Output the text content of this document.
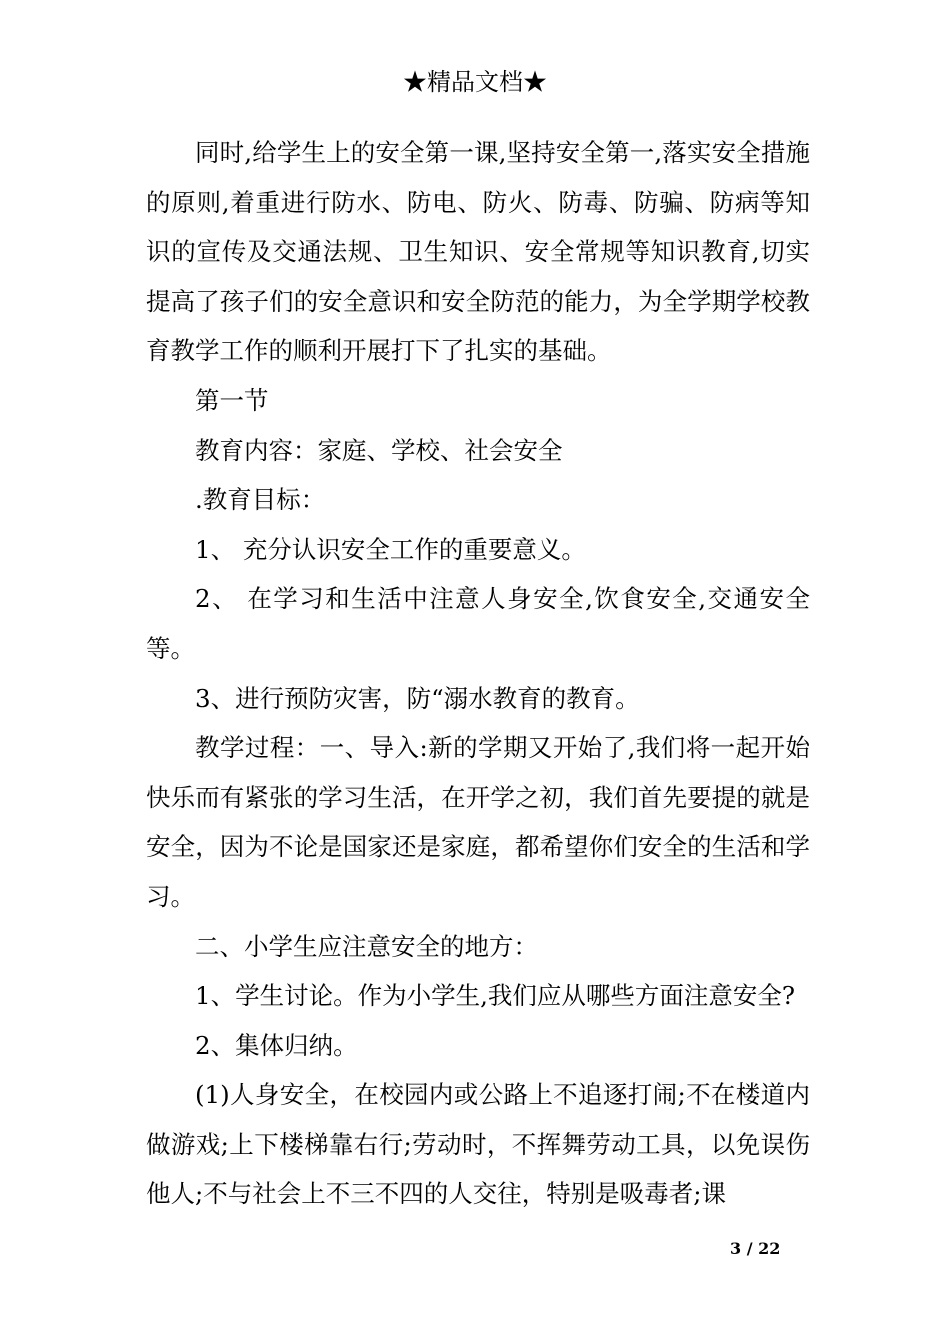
★精品文档★

同时,给学生上的安全第一课,坚持安全第一,落实安全措施的原则,着重进行防水、防电、防火、防毒、防骗、防病等知识的宣传及交通法规、卫生知识、安全常规等知识教育,切实提高了孩子们的安全意识和安全防范的能力，为全学期学校教育教学工作的顺利开展打下了扎实的基础。

第一节

教育内容：家庭、学校、社会安全

.教育目标：

1、 充分认识安全工作的重要意义。

2、 在学习和生活中注意人身安全,饮食安全,交通安全等。

3、进行预防灾害，防“溺水教育的教育。

教学过程：一、导入:新的学期又开始了,我们将一起开始快乐而有紧张的学习生活，在开学之初，我们首先要提的就是安全，因为不论是国家还是家庭，都希望你们安全的生活和学习。

二、小学生应注意安全的地方：

1、学生讨论。作为小学生,我们应从哪些方面注意安全?

2、集体归纳。

(1)人身安全，在校园内或公路上不追逐打闹;不在楼道内做游戏;上下楼梯靠右行;劳动时，不挥舞劳动工具，以免误伤他人;不与社会上不三不四的人交往，特别是吸毒者;课

3 / 22
